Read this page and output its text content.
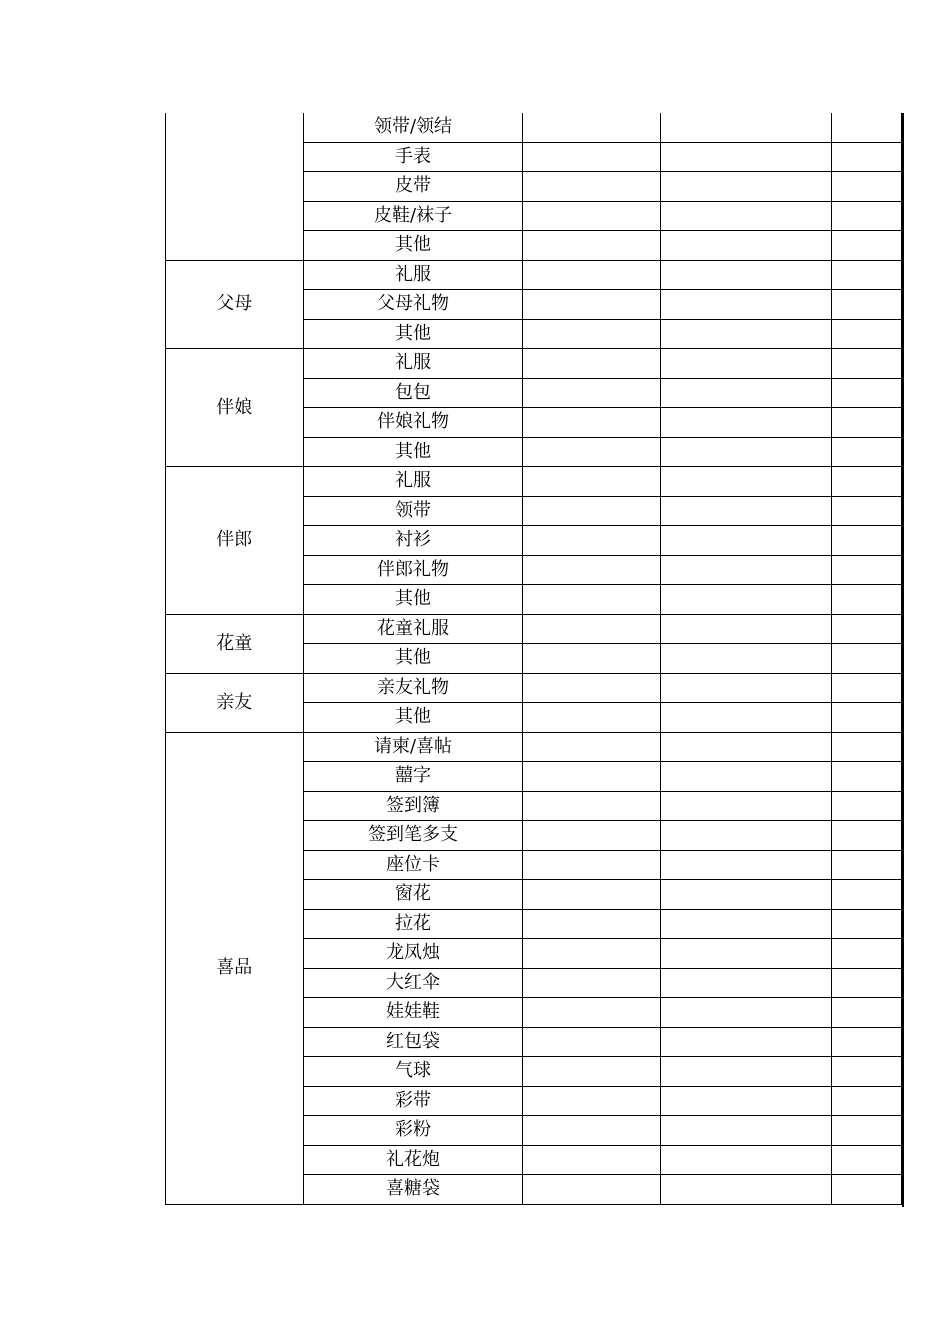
	领带/领结			
	手表			
	皮带			
	皮鞋/袜子			
	其他			
父母	礼服			
	父母礼物			
	其他			
伴娘	礼服			
	包包			
	伴娘礼物			
	其他			
伴郎	礼服			
	领带			
	衬衫			
	伴郎礼物			
	其他			
花童	花童礼服			
	其他			
亲友	亲友礼物			
	其他			
喜品	请柬/喜帖			
	囍字			
	签到簿			
	签到笔多支			
	座位卡			
	窗花			
	拉花			
	龙凤烛			
	大红伞			
	娃娃鞋			
	红包袋			
	气球			
	彩带			
	彩粉			
	礼花炮			
	喜糖袋			
